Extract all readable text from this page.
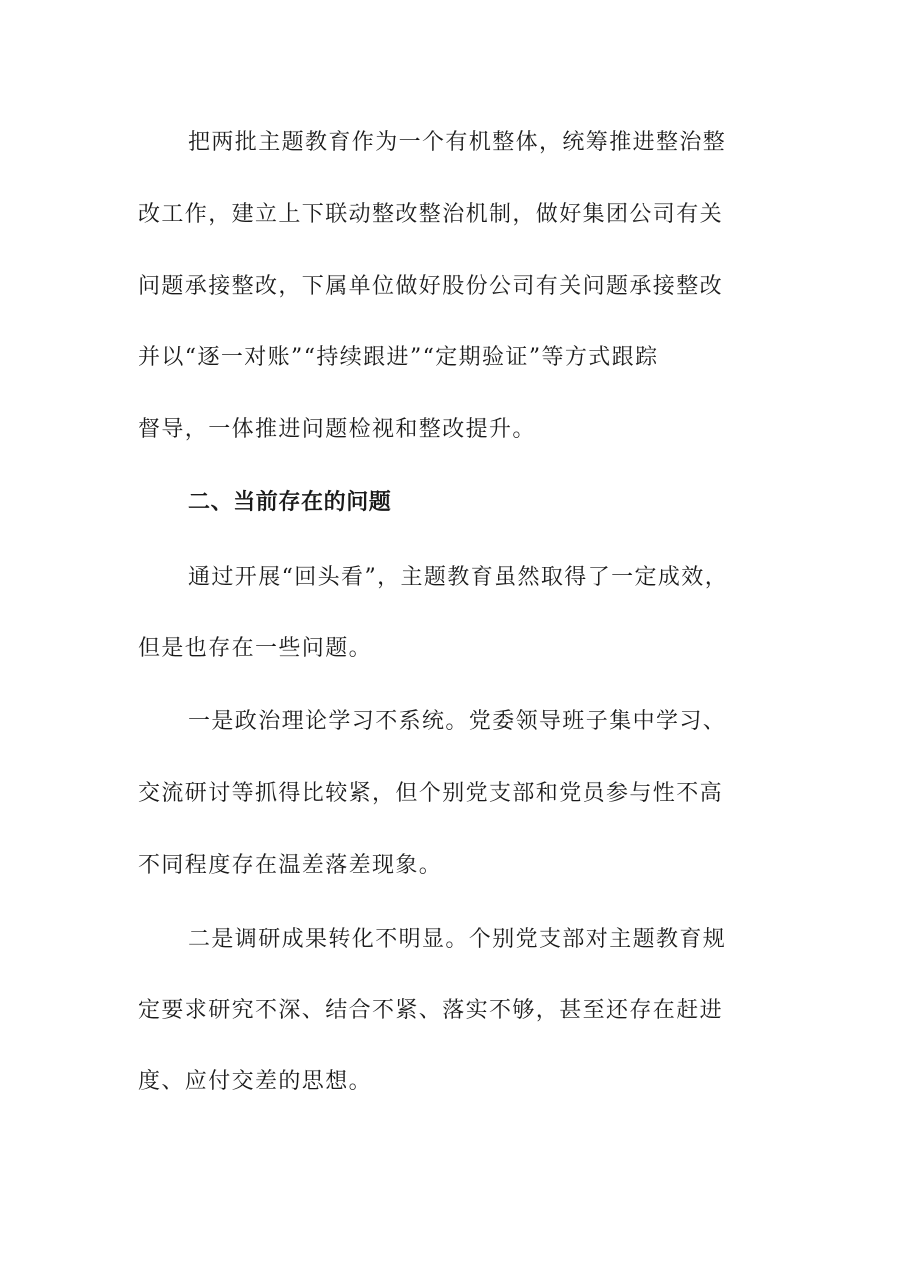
把两批主题教育作为一个有机整体，统筹推进整治整
改工作，建立上下联动整改整治机制，做好集团公司有关
问题承接整改，下属单位做好股份公司有关问题承接整改
并以“逐一对账”“持续跟进”“定期验证”等方式跟踪
督导，一体推进问题检视和整改提升。
二、当前存在的问题
通过开展“回头看”，主题教育虽然取得了一定成效，
但是也存在一些问题。
一是政治理论学习不系统。党委领导班子集中学习、
交流研讨等抓得比较紧，但个别党支部和党员参与性不高
不同程度存在温差落差现象。
二是调研成果转化不明显。个别党支部对主题教育规
定要求研究不深、结合不紧、落实不够，甚至还存在赶进
度、应付交差的思想。
